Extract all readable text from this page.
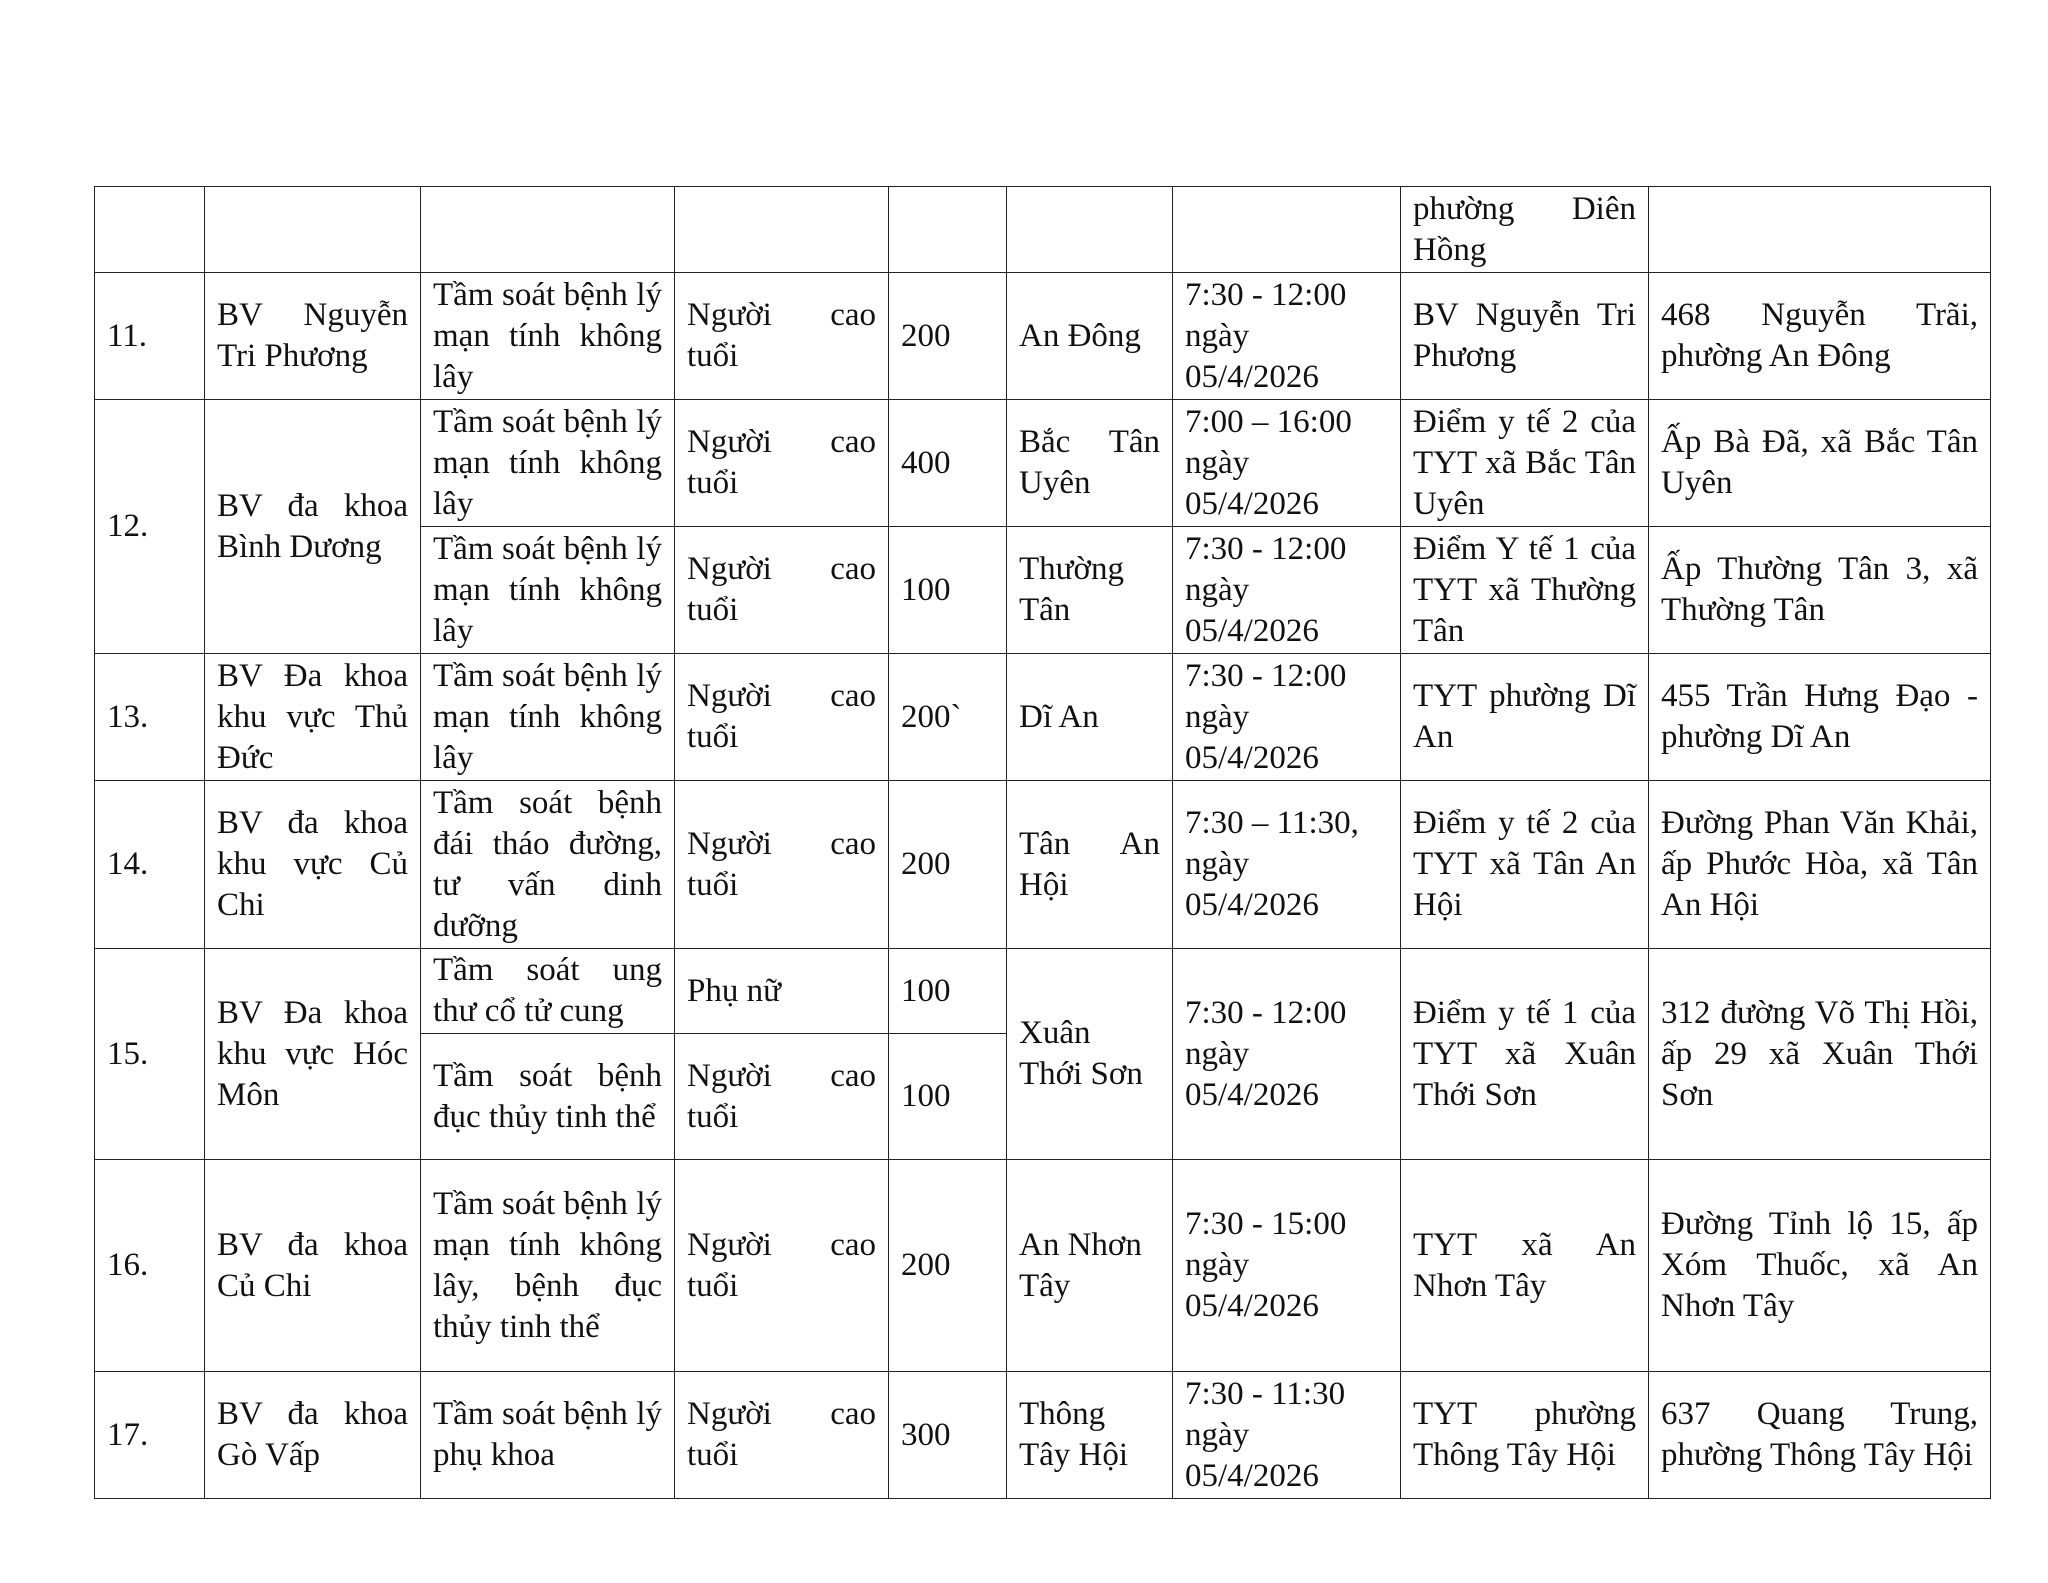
							phường Diên Hồng	
11.	BV Nguyễn Tri Phương	Tầm soát bệnh lý mạn tính không lây	Người cao tuổi	200	An Đông	7:30 - 12:00 ngày 05/4/2026	BV Nguyễn Tri Phương	468 Nguyễn Trãi, phường An Đông
12.	BV đa khoa Bình Dương	Tầm soát bệnh lý mạn tính không lây	Người cao tuổi	400	Bắc Tân Uyên	7:00 – 16:00 ngày 05/4/2026	Điểm y tế 2 của TYT xã Bắc Tân Uyên	Ấp Bà Đã, xã Bắc Tân Uyên
		Tầm soát bệnh lý mạn tính không lây	Người cao tuổi	100	Thường Tân	7:30 - 12:00 ngày 05/4/2026	Điểm Y tế 1 của TYT xã Thường Tân	Ấp Thường Tân 3, xã Thường Tân
13.	BV Đa khoa khu vực Thủ Đức	Tầm soát bệnh lý mạn tính không lây	Người cao tuổi	200`	Dĩ An	7:30 - 12:00 ngày 05/4/2026	TYT phường Dĩ An	455 Trần Hưng Đạo - phường Dĩ An
14.	BV đa khoa khu vực Củ Chi	Tầm soát bệnh đái tháo đường, tư vấn dinh dưỡng	Người cao tuổi	200	Tân An Hội	7:30 – 11:30, ngày 05/4/2026	Điểm y tế 2 của TYT xã Tân An Hội	Đường Phan Văn Khải, ấp Phước Hòa, xã Tân An Hội
15.	BV Đa khoa khu vực Hóc Môn	Tầm soát ung thư cổ tử cung	Phụ nữ	100	Xuân Thới Sơn	7:30 - 12:00 ngày 05/4/2026	Điểm y tế 1 của TYT xã Xuân Thới Sơn	312 đường Võ Thị Hồi, ấp 29 xã Xuân Thới Sơn
		Tầm soát bệnh đục thủy tinh thể	Người cao tuổi	100				
16.	BV đa khoa Củ Chi	Tầm soát bệnh lý mạn tính không lây, bệnh đục thủy tinh thể	Người cao tuổi	200	An Nhơn Tây	7:30 - 15:00 ngày 05/4/2026	TYT xã An Nhơn Tây	Đường Tỉnh lộ 15, ấp Xóm Thuốc, xã An Nhơn Tây
17.	BV đa khoa Gò Vấp	Tầm soát bệnh lý phụ khoa	Người cao tuổi	300	Thông Tây Hội	7:30 - 11:30 ngày 05/4/2026	TYT phường Thông Tây Hội	637 Quang Trung, phường Thông Tây Hội
